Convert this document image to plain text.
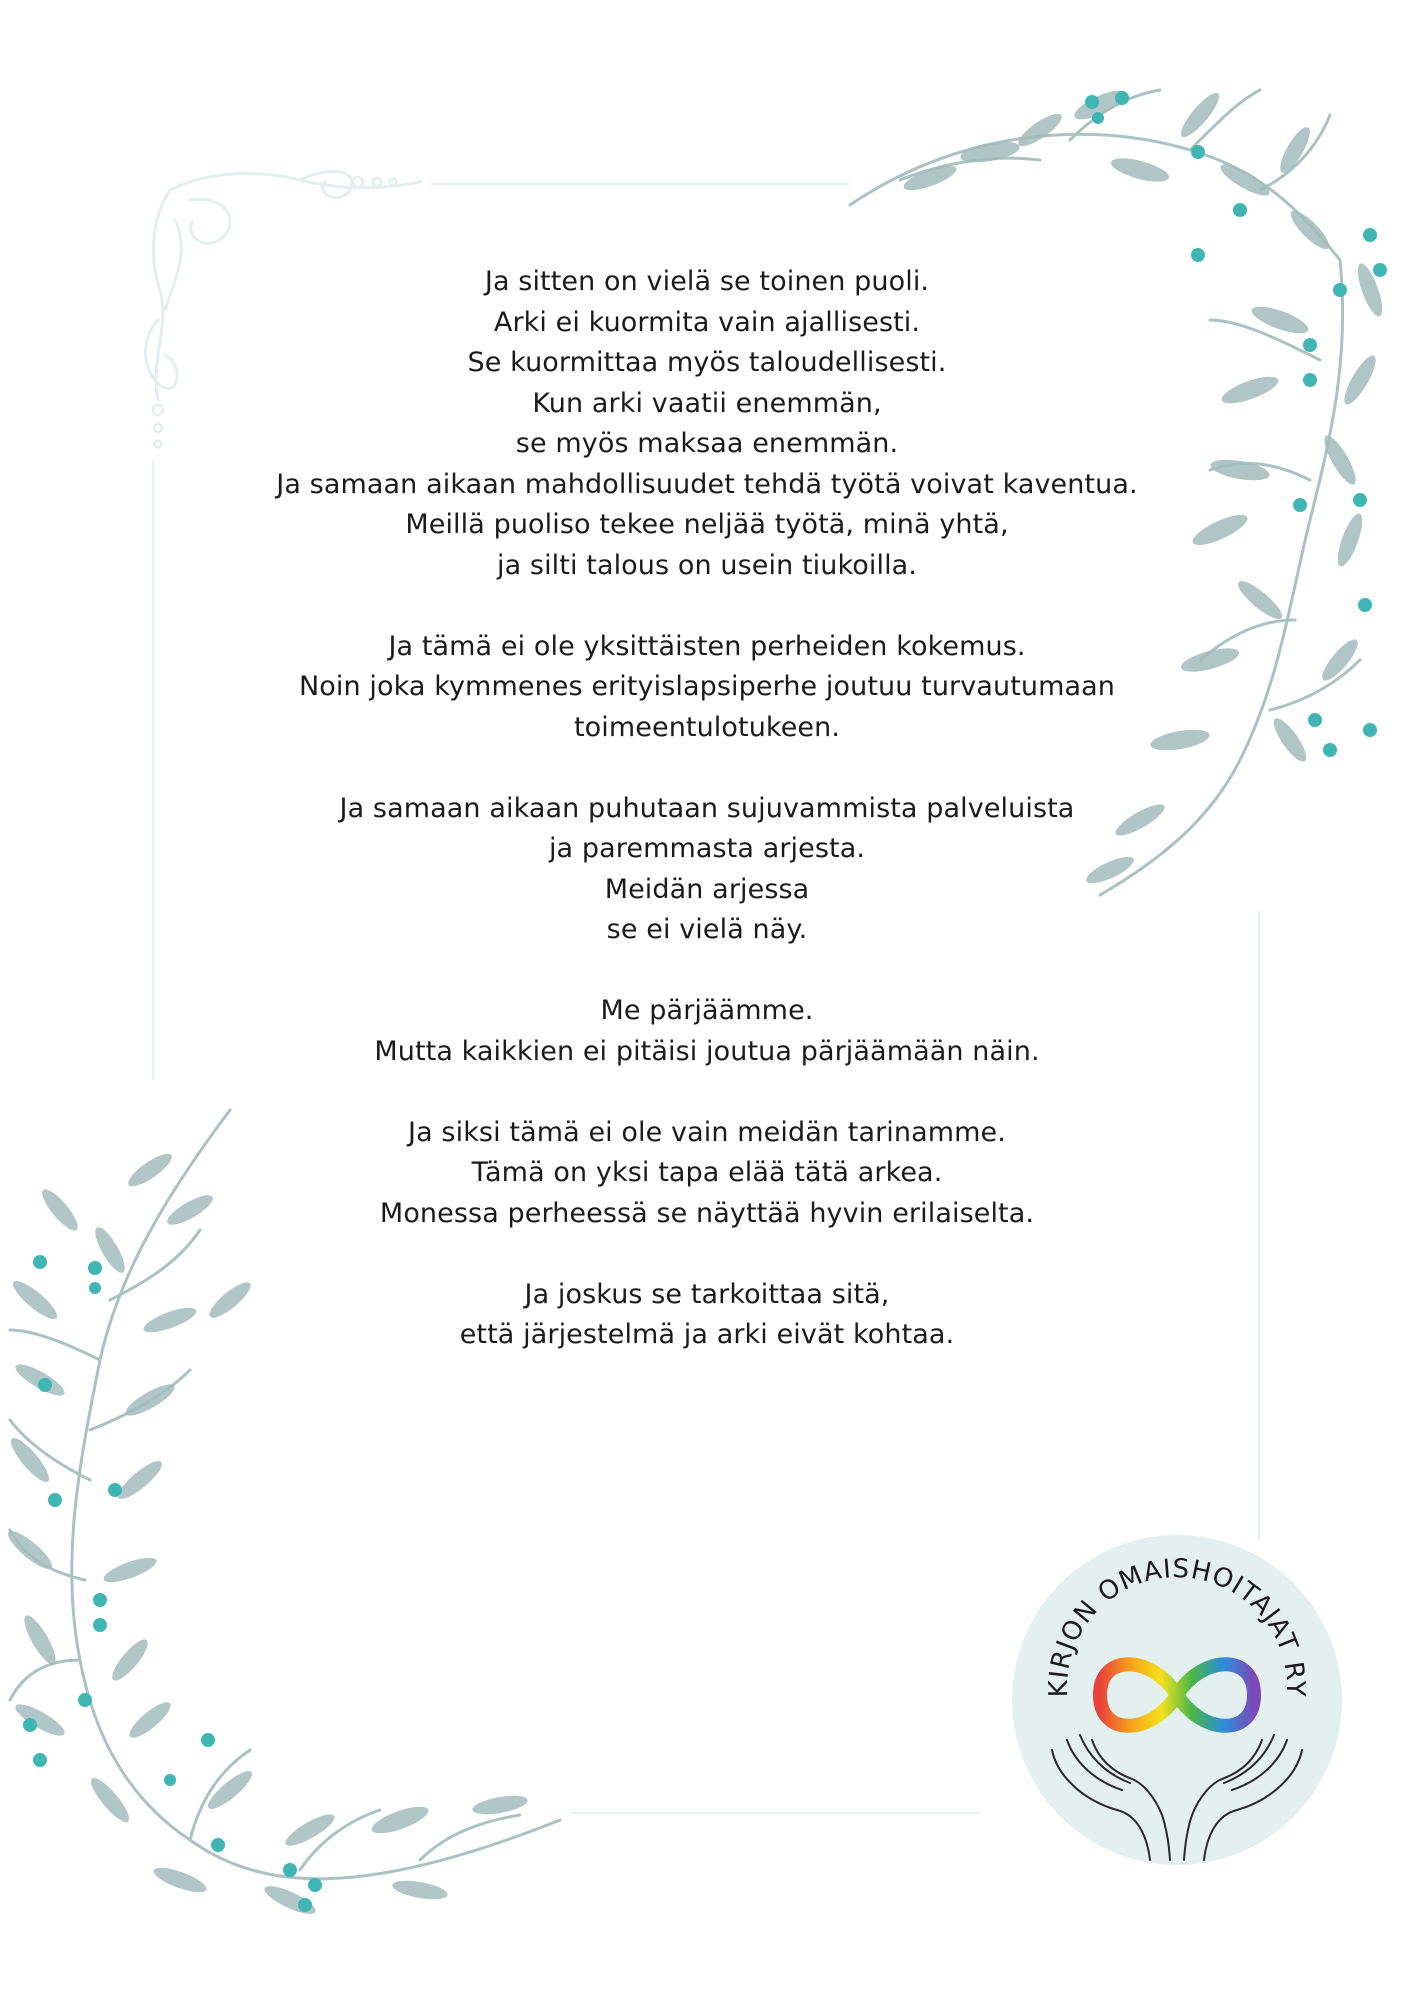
Ja sitten on vielä se toinen puoli.
Arki ei kuormita vain ajallisesti.
Se kuormittaa myös taloudellisesti.
Kun arki vaatii enemmän,
se myös maksaa enemmän.
Ja samaan aikaan mahdollisuudet tehdä työtä voivat kaventua.
Meillä puoliso tekee neljää työtä, minä yhtä,
ja silti talous on usein tiukoilla.
Ja tämä ei ole yksittäisten perheiden kokemus.
Noin joka kymmenes erityislapsiperhe joutuu turvautumaan
toimeentulotukeen.
Ja samaan aikaan puhutaan sujuvammista palveluista
ja paremmasta arjesta.
Meidän arjessa
se ei vielä näy.
Me pärjäämme.
Mutta kaikkien ei pitäisi joutua pärjäämään näin.
Ja siksi tämä ei ole vain meidän tarinamme.
Tämä on yksi tapa elää tätä arkea.
Monessa perheessä se näyttää hyvin erilaiselta.
Ja joskus se tarkoittaa sitä,
että järjestelmä ja arki eivät kohtaa.
KIRJON OMAISHOITAJAT RY
